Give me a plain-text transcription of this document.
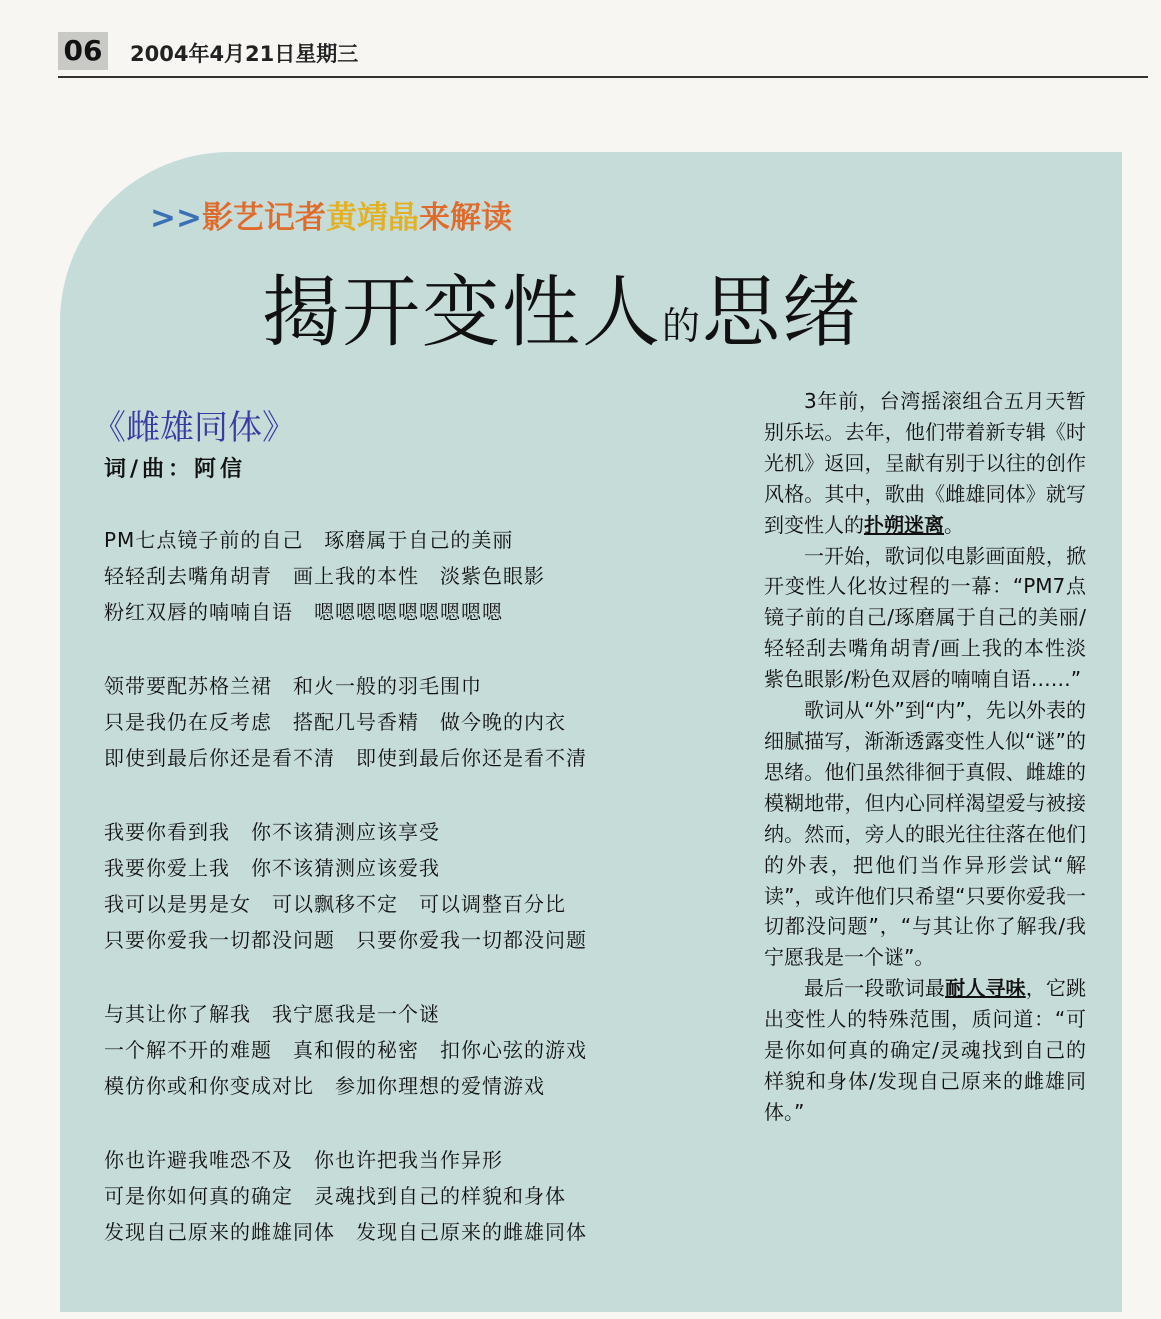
06 2004年4月21日星期三
>>影艺记者黄靖晶来解读
揭开变性人的思绪
《雌雄同体》
词/曲：阿信
PM七点镜子前的自己　琢磨属于自己的美丽
轻轻刮去嘴角胡青　画上我的本性　淡紫色眼影
粉红双唇的喃喃自语　嗯嗯嗯嗯嗯嗯嗯嗯嗯
领带要配苏格兰裙　和火一般的羽毛围巾
只是我仍在反考虑　搭配几号香精　做今晚的内衣
即使到最后你还是看不清　即使到最后你还是看不清
我要你看到我　你不该猜测应该享受
我要你爱上我　你不该猜测应该爱我
我可以是男是女　可以飘移不定　可以调整百分比
只要你爱我一切都没问题　只要你爱我一切都没问题
与其让你了解我　我宁愿我是一个谜
一个解不开的难题　真和假的秘密　扣你心弦的游戏
模仿你或和你变成对比　参加你理想的爱情游戏
你也许避我唯恐不及　你也许把我当作异形
可是你如何真的确定　灵魂找到自己的样貌和身体
发现自己原来的雌雄同体　发现自己原来的雌雄同体

3年前，台湾摇滚组合五月天暂别乐坛。去年，他们带着新专辑《时光机》返回，呈献有别于以往的创作风格。其中，歌曲《雌雄同体》就写到变性人的扑朔迷离。

一开始，歌词似电影画面般，掀开变性人化妆过程的一幕：“PM7点镜子前的自己/琢磨属于自己的美丽/轻轻刮去嘴角胡青/画上我的本性淡紫色眼影/粉色双唇的喃喃自语……”

歌词从“外”到“内”，先以外表的细腻描写，渐渐透露变性人似“谜”的思绪。他们虽然徘徊于真假、雌雄的模糊地带，但内心同样渴望爱与被接纳。然而，旁人的眼光往往落在他们的外表，把他们当作异形尝试“解读”，或许他们只希望“只要你爱我一切都没问题”，“与其让你了解我/我宁愿我是一个谜”。

最后一段歌词最耐人寻味，它跳出变性人的特殊范围，质问道：“可是你如何真的确定/灵魂找到自己的样貌和身体/发现自己原来的雌雄同体。”
